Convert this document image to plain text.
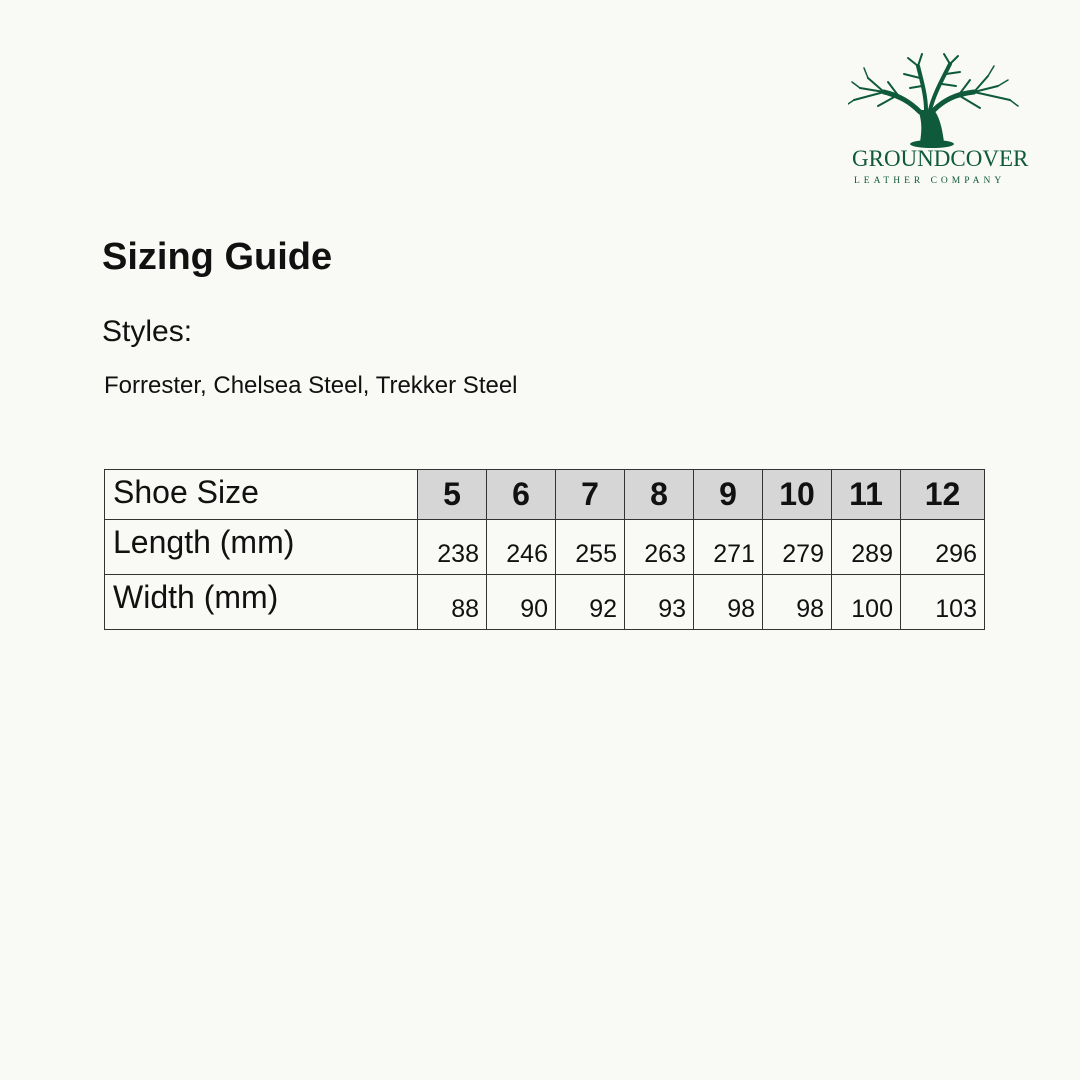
GROUNDCOVER
LEATHER COMPANY
Sizing Guide
Styles:
Forrester, Chelsea Steel, Trekker Steel
Shoe Size	5	6	7	8	9	10	11	12
Length (mm)	238	246	255	263	271	279	289	296
Width (mm)	88	90	92	93	98	98	100	103
